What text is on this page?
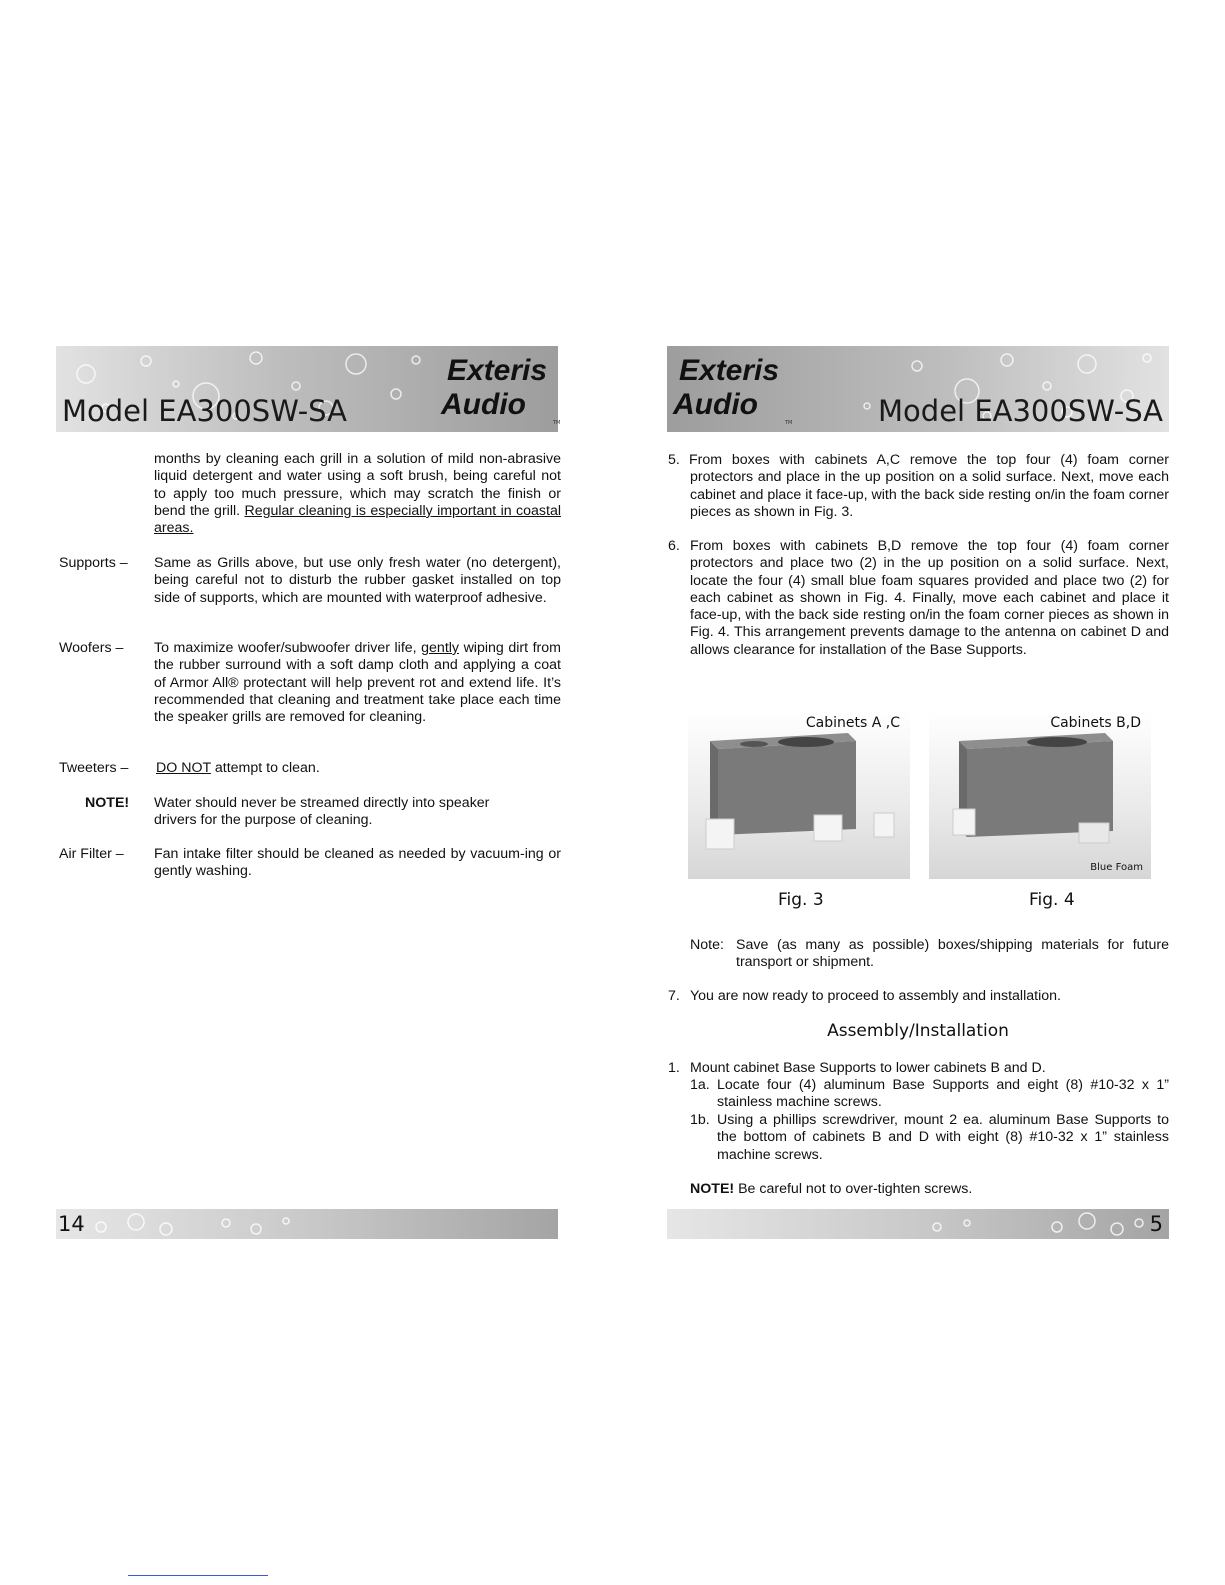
Model EA300SW-SA
Exteris
Audio
TM
months by cleaning each grill in a solution of mild non-abrasive liquid detergent and water using a soft brush, being careful not to apply too much pressure, which may scratch the finish or bend the grill. Regular cleaning is especially important in coastal areas.
Supports – Same as Grills above, but use only fresh water (no detergent), being careful not to disturb the rubber gasket installed on top side of supports, which are mounted with waterproof adhesive.
Woofers – To maximize woofer/subwoofer driver life, gently wiping dirt from the rubber surround with a soft damp cloth and applying a coat of Armor All® protectant will help prevent rot and extend life. It’s recommended that cleaning and treatment take place each time the speaker grills are removed for cleaning.
Tweeters – DO NOT attempt to clean.
NOTE! Water should never be streamed directly into speaker drivers for the purpose of cleaning.
Air Filter – Fan intake filter should be cleaned as needed by vacuum-ing or gently washing.
14
Exteris
Audio
TM	Model EA300SW-SA
5. From boxes with cabinets A,C remove the top four (4) foam corner protectors and place in the up position on a solid surface. Next, move each cabinet and place it face-up, with the back side resting on/in the foam corner pieces as shown in Fig. 3.
6. From boxes with cabinets B,D remove the top four (4) foam corner protectors and place two (2) in the up position on a solid surface. Next, locate the four (4) small blue foam squares provided and place two (2) for each cabinet as shown in Fig. 4. Finally, move each cabinet and place it face-up, with the back side resting on/in the foam corner pieces as shown in Fig. 4. This arrangement prevents damage to the antenna on cabinet D and allows clearance for installation of the Base Supports.
Cabinets A ,C	Cabinets B,D
Blue Foam
Fig. 3	Fig. 4
Note: Save (as many as possible) boxes/shipping materials for future transport or shipment.
7. You are now ready to proceed to assembly and installation.
Assembly/Installation
1. Mount cabinet Base Supports to lower cabinets B and D.
1a. Locate four (4) aluminum Base Supports and eight (8) #10-32 x 1” stainless machine screws.
1b. Using a phillips screwdriver, mount 2 ea. aluminum Base Supports to the bottom of cabinets B and D with eight (8) #10-32 x 1” stainless machine screws.
NOTE! Be careful not to over-tighten screws.
5
